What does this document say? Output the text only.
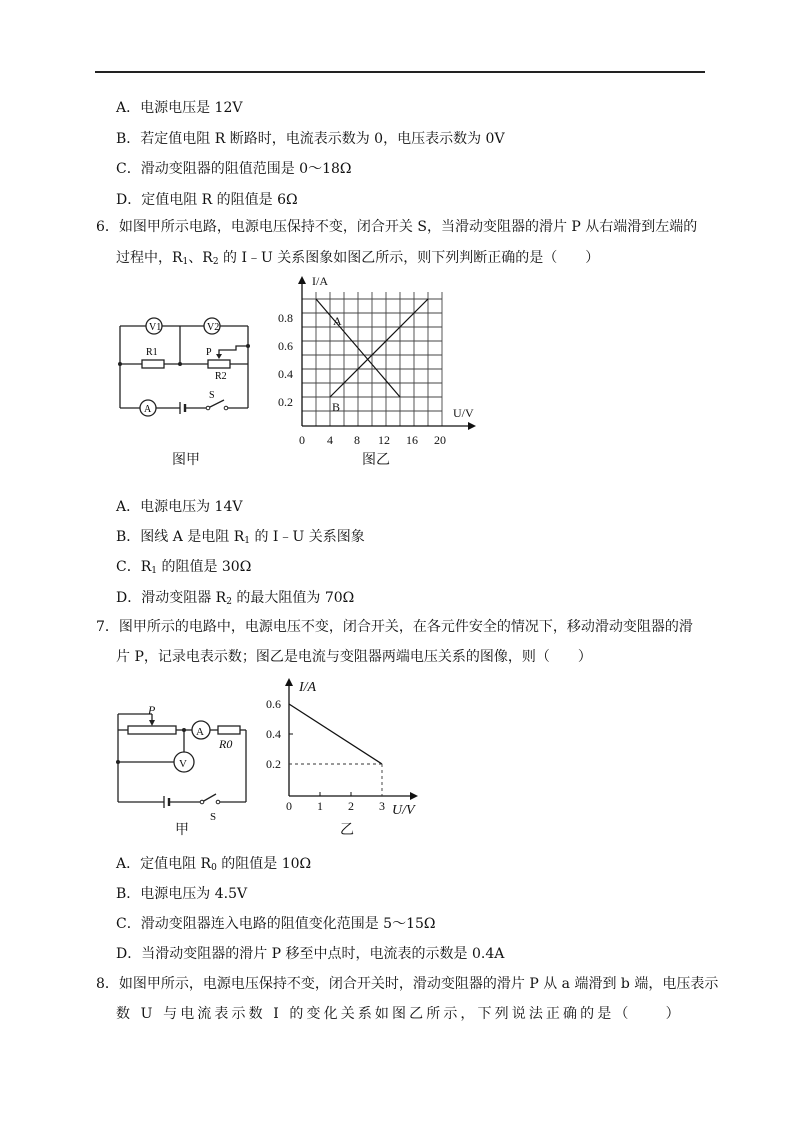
A．电源电压是 12V
B．若定值电阻 R 断路时，电流表示数为 0，电压表示数为 0V
C．滑动变阻器的阻值范围是 0～18Ω
D．定值电阻 R 的阻值是 6Ω
6．如图甲所示电路，电源电压保持不变，闭合开关 S，当滑动变阻器的滑片 P 从右端滑到左端的
过程中，$R_1$、$R_2$ 的 I﹣U 关系图象如图乙所示，则下列判断正确的是（　　）
V1	V2
R1	P
R2
A
S
图甲
I/A
U/V
0.8
0.6
0.4
0.2
0 4 8 12 16 20
A
B
图乙
A．电源电压为 14V
B．图线 A 是电阻 $R_1$ 的 I﹣U 关系图象
C．$R_1$ 的阻值是 30Ω
D．滑动变阻器 $R_2$ 的最大阻值为 70Ω
7．图甲所示的电路中，电源电压不变，闭合开关，在各元件安全的情况下，移动滑动变阻器的滑
片 P，记录电表示数；图乙是电流与变阻器两端电压关系的图像，则（　　）
P
A
R0
V
S
甲
I/A
U/V
0.6
0.4
0.2
0 1 2 3
乙
A．定值电阻 $R_0$ 的阻值是 10Ω
B．电源电压为 4.5V
C．滑动变阻器连入电路的阻值变化范围是 5～15Ω
D．当滑动变阻器的滑片 P 移至中点时，电流表的示数是 0.4A
8．如图甲所示，电源电压保持不变，闭合开关时，滑动变阻器的滑片 P 从 a 端滑到 b 端，电压表示
数 U 与电流表示数 I 的变化关系如图乙所示，下列说法正确的是（　　）
